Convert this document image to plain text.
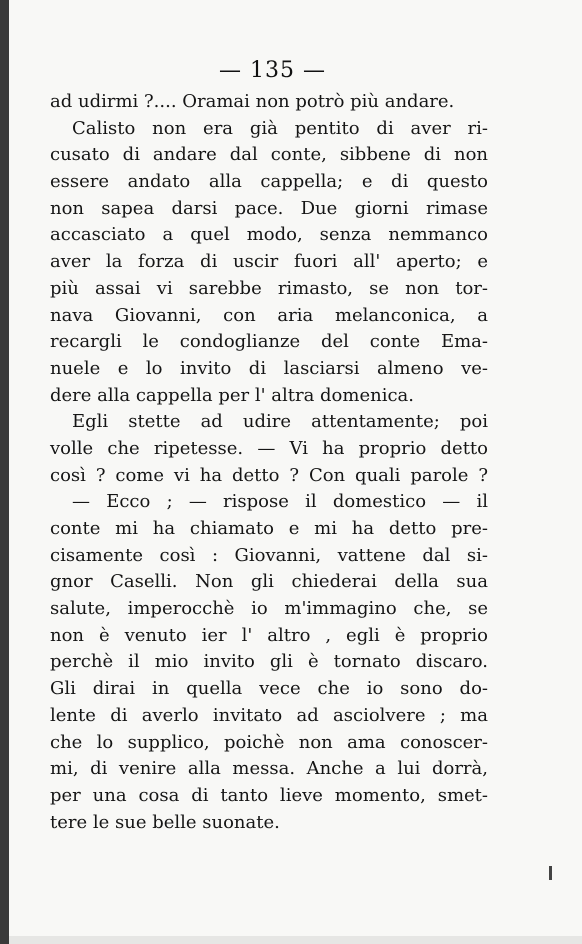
— 135 —
ad udirmi ?.... Oramai non potrò più andare.
Calisto non era già pentito di aver ri-
cusato di andare dal conte, sibbene di non
essere andato alla cappella; e di questo
non sapea darsi pace. Due giorni rimase
accasciato a quel modo, senza nemmanco
aver la forza di uscir fuori all' aperto; e
più assai vi sarebbe rimasto, se non tor-
nava Giovanni, con aria melanconica, a
recargli le condoglianze del conte Ema-
nuele e lo invito di lasciarsi almeno ve-
dere alla cappella per l' altra domenica.
Egli stette ad udire attentamente; poi
volle che ripetesse. — Vi ha proprio detto
così ? come vi ha detto ? Con quali parole ?
— Ecco ; — rispose il domestico — il
conte mi ha chiamato e mi ha detto pre-
cisamente così : Giovanni, vattene dal si-
gnor Caselli. Non gli chiederai della sua
salute, imperocchè io m'immagino che, se
non è venuto ier l' altro , egli è proprio
perchè il mio invito gli è tornato discaro.
Gli dirai in quella vece che io sono do-
lente di averlo invitato ad asciolvere ; ma
che lo supplico, poichè non ama conoscer-
mi, di venire alla messa. Anche a lui dorrà,
per una cosa di tanto lieve momento, smet-
tere le sue belle suonate.
